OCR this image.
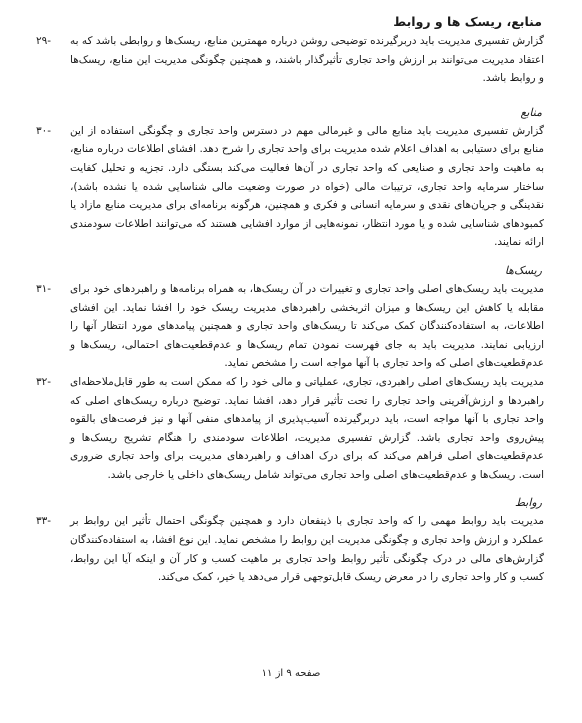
منابع، ریسک ها و روابط

گزارش تفسیری مدیریت باید دربرگیرنده توضیحی روشن درباره مهمترین منابع، ریسک‌ها و روابطی باشد که به اعتقاد مدیریت می‌توانند بر ارزش واحد تجاری تأثیرگذار باشند، و همچنین چگونگی مدیریت این منابع، ریسک‌ها و روابط باشد.

۲۹-
منابع

گزارش تفسیری مدیریت باید منابع مالی و غیرمالی مهم در دسترس واحد تجاری و چگونگی استفاده از این منابع برای دستیابی به اهداف اعلام شده مدیریت برای واحد تجاری را شرح دهد. افشای اطلاعات درباره منابع، به ماهیت واحد تجاری و صنایعی که واحد تجاری در آن‌ها فعالیت می‌کند بستگی دارد. تجزیه و تحلیل کفایت ساختار سرمایه واحد تجاری، ترتیبات مالی (خواه در صورت وضعیت مالی شناسایی شده یا نشده باشد)، نقدینگی و جریان‌های نقدی و سرمایه انسانی و فکری و همچنین، هرگونه برنامه‌ای برای مدیریت منابع مازاد یا کمبودهای شناسایی شده و یا مورد انتظار، نمونه‌هایی از موارد افشایی هستند که می‌توانند اطلاعات سودمندی ارائه نمایند.

۳۰-
ریسک‌ها

مدیریت باید ریسک‌های اصلی واحد تجاری و تغییرات در آن ریسک‌ها، به همراه برنامه‌ها و راهبردهای خود برای مقابله یا کاهش این ریسک‌ها و میزان اثربخشی راهبردهای مدیریت ریسک خود را افشا نماید. این افشای اطلاعات، به استفاده‌کنندگان کمک می‌کند تا ریسک‌های واحد تجاری و همچنین پیامدهای مورد انتظار آنها را ارزیابی نمایند. مدیریت باید به جای فهرست نمودن تمام ریسک‌ها و عدم‌قطعیت‌های احتمالی، ریسک‌ها و عدم‌قطعیت‌های اصلی که واحد تجاری با آنها مواجه است را مشخص نماید.

۳۱-

مدیریت باید ریسک‌های اصلی راهبردی، تجاری، عملیاتی و مالی خود را که ممکن است به طور قابل‌ملاحظه‌ای راهبردها و ارزش‌آفرینی واحد تجاری را تحت تأثیر قرار دهد، افشا نماید. توضیح درباره ریسک‌های اصلی که واحد تجاری با آنها مواجه است، باید دربرگیرنده آسیب‌پذیری از پیامدهای منفی آنها و نیز فرصت‌های بالقوه پیش‌روی واحد تجاری باشد. گزارش تفسیری مدیریت، اطلاعات سودمندی را هنگام تشریح ریسک‌ها و عدم‌قطعیت‌های اصلی فراهم می‌کند که برای درک اهداف و راهبردهای مدیریت برای واحد تجاری ضروری است. ریسک‌ها و عدم‌قطعیت‌های اصلی واحد تجاری می‌تواند شامل ریسک‌های داخلی یا خارجی باشد.

۳۲-
روابط

مدیریت باید روابط مهمی را که واحد تجاری با ذینفعان دارد و همچنین چگونگی احتمال تأثیر این روابط بر عملکرد و ارزش واحد تجاری و چگونگی مدیریت این روابط را مشخص نماید. این نوع افشا، به استفاده‌کنندگان گزارش‌های مالی در درک چگونگی تأثیر روابط واحد تجاری بر ماهیت کسب و کار آن و اینکه آیا این روابط، کسب و کار واحد تجاری را در معرض ریسک قابل‌توجهی قرار می‌دهد یا خیر، کمک می‌کند.

۳۳-
صفحه ۹ از ۱۱
